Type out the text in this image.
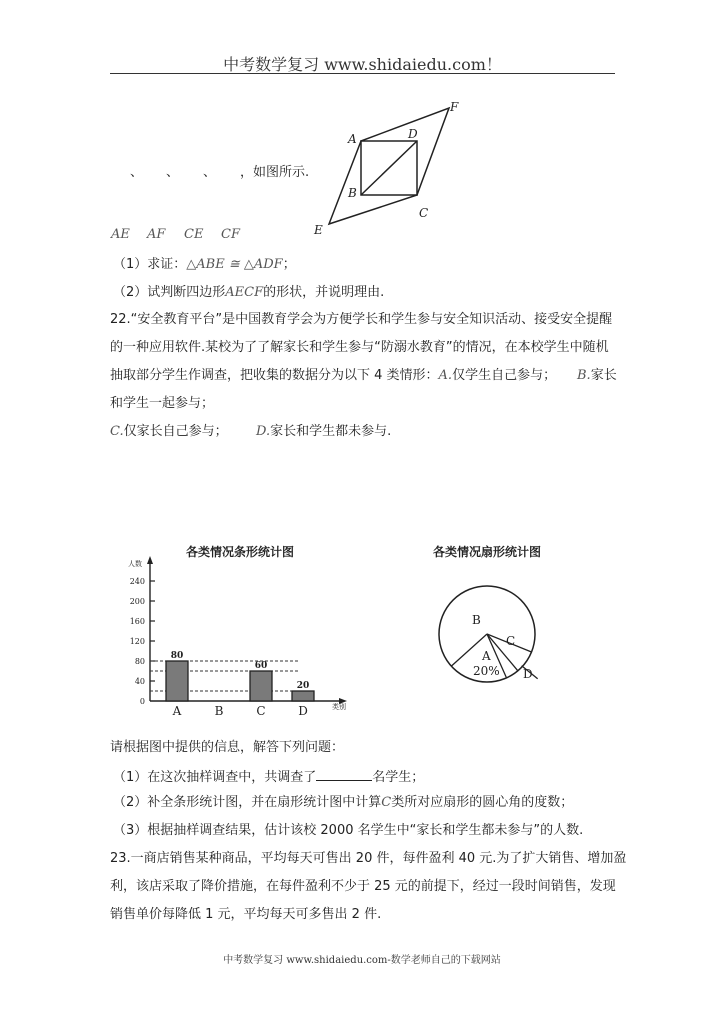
中考数学复习 www.shidaiedu.com！
A	D
F
B
C
E
、 、 、 ，如图所示.
AE AF CE CF
（1）求证：△ABE ≅ △ADF；
（2）试判断四边形AECF的形状，并说明理由.
22.“安全教育平台”是中国教育学会为方便学长和学生参与安全知识活动、接受安全提醒
的一种应用软件.某校为了了解家长和学生参与“防溺水教育”的情况，在本校学生中随机
抽取部分学生作调查，把收集的数据分为以下 4 类情形：A.仅学生自己参与； B.家长
和学生一起参与；
C.仅家长自己参与； D.家长和学生都未参与.
各类情况条形统计图
人数
类别
0
40
80
120
160
200
240
80
60
20
A	B	C	D
各类情况扇形统计图
B
C
D
A
20%
请根据图中提供的信息，解答下列问题：
（1）在这次抽样调查中，共调查了	名学生；
（2）补全条形统计图，并在扇形统计图中计算C类所对应扇形的圆心角的度数；
（3）根据抽样调查结果，估计该校 2000 名学生中“家长和学生都未参与”的人数.
23.一商店销售某种商品，平均每天可售出 20 件，每件盈利 40 元.为了扩大销售、增加盈
利，该店采取了降价措施，在每件盈利不少于 25 元的前提下，经过一段时间销售，发现
销售单价每降低 1 元，平均每天可多售出 2 件.
中考数学复习 www.shidaiedu.com-数学老师自己的下载网站
